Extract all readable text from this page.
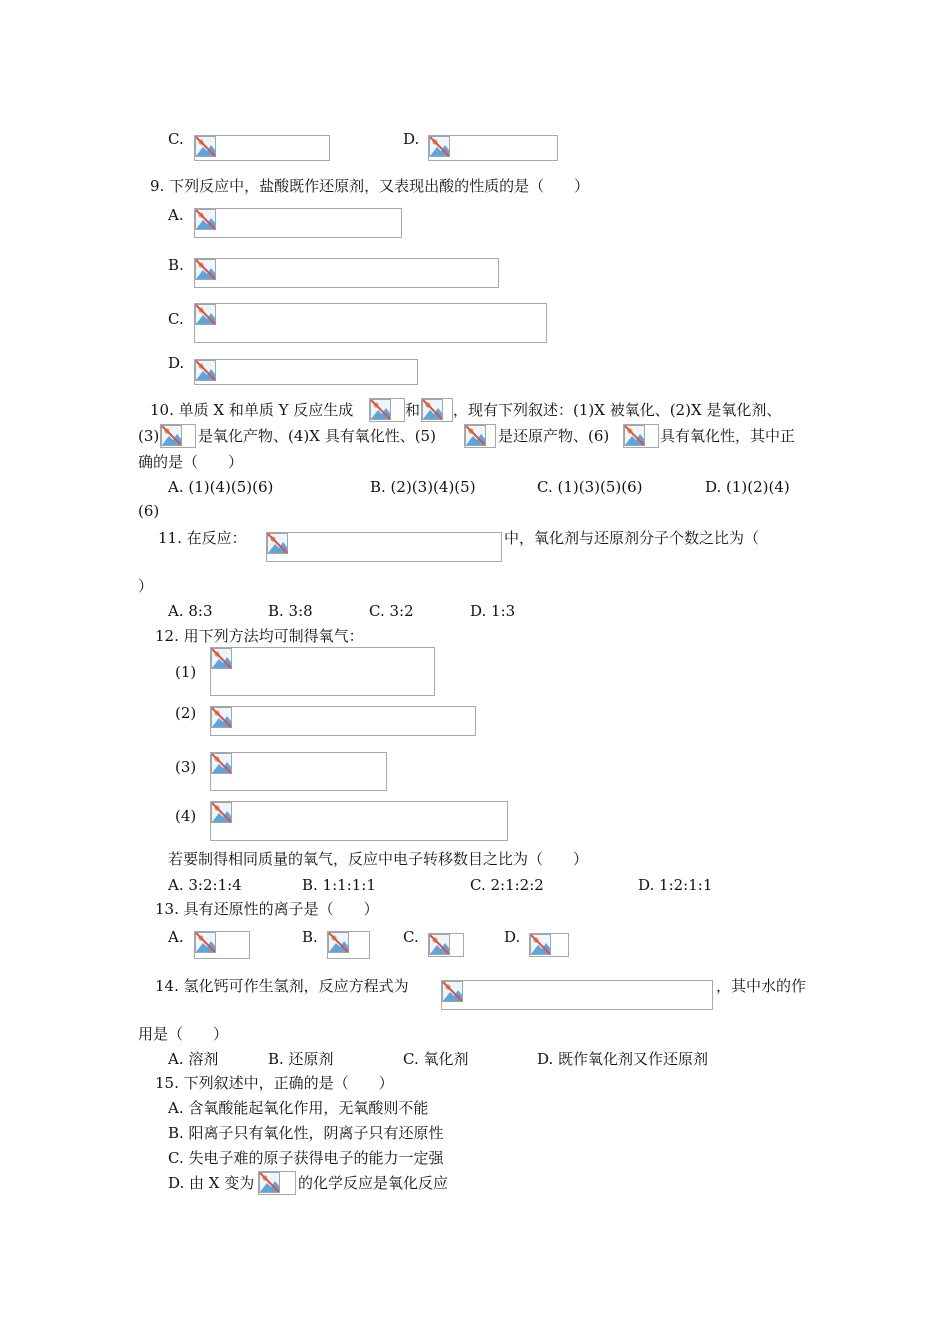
C.	D.
9. 下列反应中，盐酸既作还原剂，又表现出酸的性质的是（　　）
A.
B.
C.
D.
10. 单质 X 和单质 Y 反应生成	和 ，现有下列叙述：(1)X 被氧化、(2)X 是氧化剂、
(3)	是氧化产物、(4)X 具有氧化性、(5)	是还原产物、(6)	具有氧化性，其中正
确的是（　　）
A. (1)(4)(5)(6)	B. (2)(3)(4)(5)	C. (1)(3)(5)(6)	D. (1)(2)(4)
(6)
11. 在反应：	中，氧化剂与还原剂分子个数之比为（
）
A. 8:3	B. 3:8	C. 3:2	D. 1:3
12. 用下列方法均可制得氧气：
(1)
(2)
(3)
(4)
若要制得相同质量的氧气，反应中电子转移数目之比为（　　）
A. 3:2:1:4	B. 1:1:1:1	C. 2:1:2:2	D. 1:2:1:1
13. 具有还原性的离子是（　　）
A.	B.	C.	D.
14. 氢化钙可作生氢剂，反应方程式为	，其中水的作
用是（　　）
A. 溶剂	B. 还原剂	C. 氧化剂	D. 既作氧化剂又作还原剂
15. 下列叙述中，正确的是（　　）
A. 含氧酸能起氧化作用，无氧酸则不能
B. 阳离子只有氧化性，阴离子只有还原性
C. 失电子难的原子获得电子的能力一定强
D. 由 X 变为	的化学反应是氧化反应
